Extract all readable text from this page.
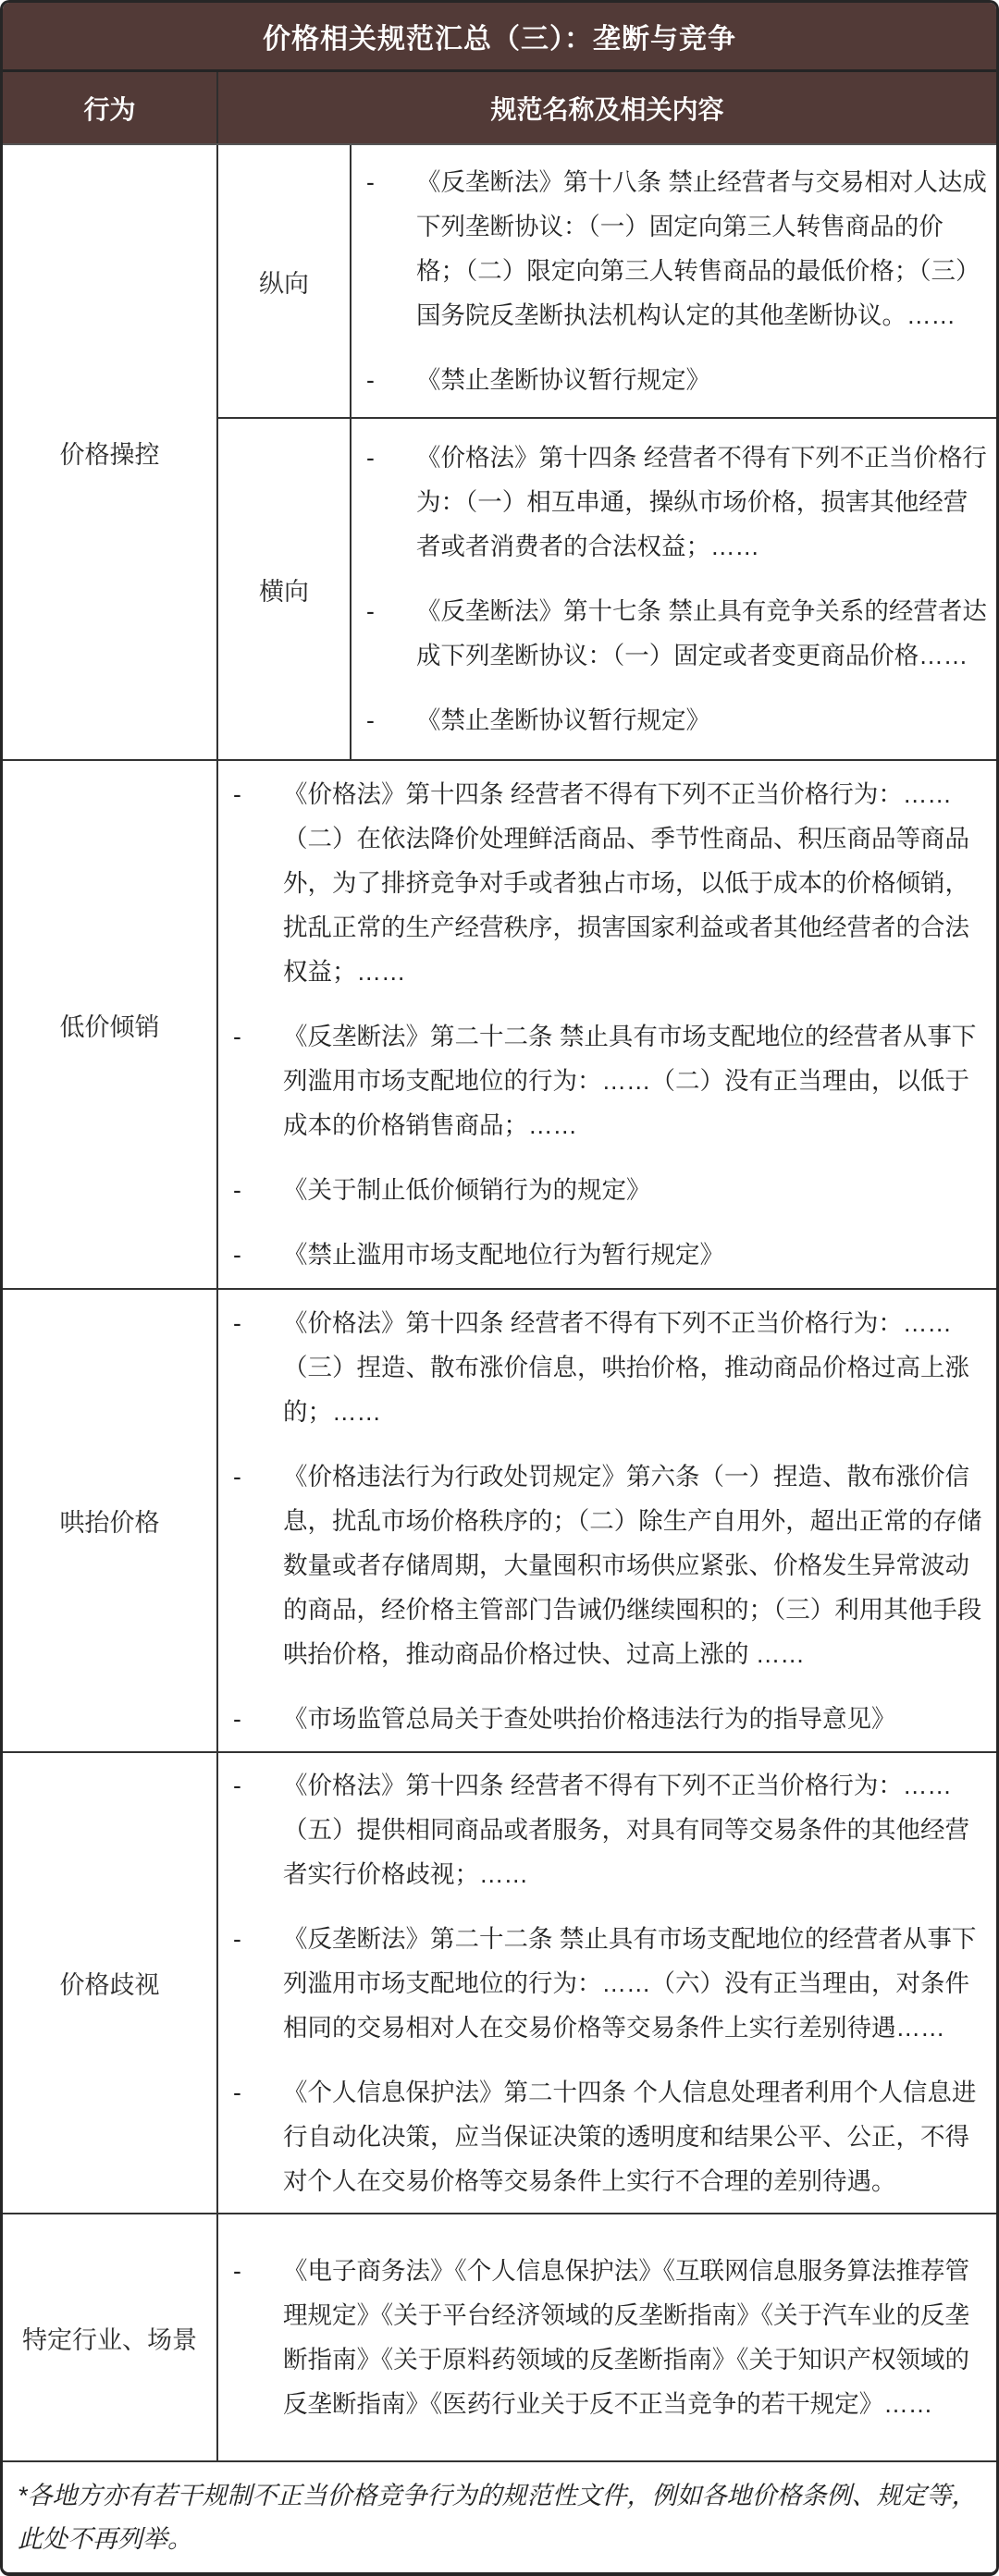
价格相关规范汇总（三）：垄断与竞争
行为	规范名称及相关内容
价格操控
纵向
- 《反垄断法》第十八条 禁止经营者与交易相对人达成下列垄断协议：（一）固定向第三人转售商品的价格；（二）限定向第三人转售商品的最低价格；（三）国务院反垄断执法机构认定的其他垄断协议。……
- 《禁止垄断协议暂行规定》
横向
- 《价格法》第十四条 经营者不得有下列不正当价格行为：（一）相互串通，操纵市场价格，损害其他经营者或者消费者的合法权益；……
- 《反垄断法》第十七条 禁止具有竞争关系的经营者达成下列垄断协议：（一）固定或者变更商品价格……
- 《禁止垄断协议暂行规定》
低价倾销
- 《价格法》第十四条 经营者不得有下列不正当价格行为：……（二）在依法降价处理鲜活商品、季节性商品、积压商品等商品外，为了排挤竞争对手或者独占市场，以低于成本的价格倾销，扰乱正常的生产经营秩序，损害国家利益或者其他经营者的合法权益；……
- 《反垄断法》第二十二条 禁止具有市场支配地位的经营者从事下列滥用市场支配地位的行为：……（二）没有正当理由，以低于成本的价格销售商品；……
- 《关于制止低价倾销行为的规定》
- 《禁止滥用市场支配地位行为暂行规定》
哄抬价格
- 《价格法》第十四条 经营者不得有下列不正当价格行为：……（三）捏造、散布涨价信息，哄抬价格，推动商品价格过高上涨的；……
- 《价格违法行为行政处罚规定》第六条（一）捏造、散布涨价信息，扰乱市场价格秩序的；（二）除生产自用外，超出正常的存储数量或者存储周期，大量囤积市场供应紧张、价格发生异常波动的商品，经价格主管部门告诫仍继续囤积的；（三）利用其他手段哄抬价格，推动商品价格过快、过高上涨的 ……
- 《市场监管总局关于查处哄抬价格违法行为的指导意见》
价格歧视
- 《价格法》第十四条 经营者不得有下列不正当价格行为：……（五）提供相同商品或者服务，对具有同等交易条件的其他经营者实行价格歧视；……
- 《反垄断法》第二十二条 禁止具有市场支配地位的经营者从事下列滥用市场支配地位的行为：……（六）没有正当理由，对条件相同的交易相对人在交易价格等交易条件上实行差别待遇……
- 《个人信息保护法》第二十四条 个人信息处理者利用个人信息进行自动化决策，应当保证决策的透明度和结果公平、公正，不得对个人在交易价格等交易条件上实行不合理的差别待遇。
特定行业、场景
- 《电子商务法》《个人信息保护法》《互联网信息服务算法推荐管理规定》《关于平台经济领域的反垄断指南》《关于汽车业的反垄断指南》《关于原料药领域的反垄断指南》《关于知识产权领域的反垄断指南》《医药行业关于反不正当竞争的若干规定》……
*各地方亦有若干规制不正当价格竞争行为的规范性文件，例如各地价格条例、规定等，此处不再列举。
